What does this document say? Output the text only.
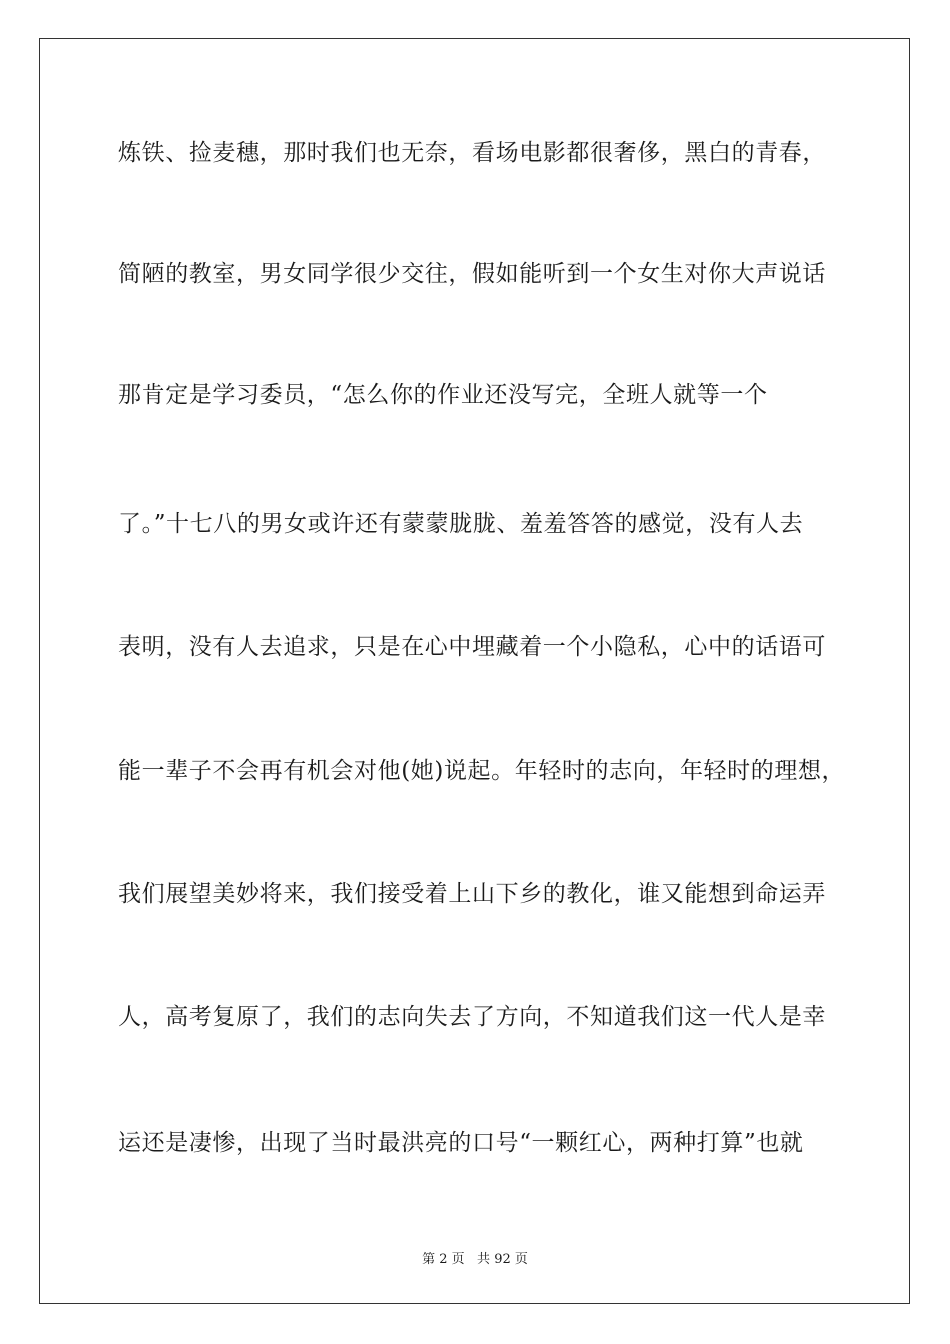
炼铁、捡麦穗，那时我们也无奈，看场电影都很奢侈，黑白的青春，
简陋的教室，男女同学很少交往，假如能听到一个女生对你大声说话
那肯定是学习委员，“怎么你的作业还没写完，全班人就等一个
了。”十七八的男女或许还有蒙蒙胧胧、羞羞答答的感觉，没有人去
表明，没有人去追求，只是在心中埋藏着一个小隐私，心中的话语可
能一辈子不会再有机会对他(她)说起。年轻时的志向，年轻时的理想，
我们展望美妙将来，我们接受着上山下乡的教化，谁又能想到命运弄
人，高考复原了，我们的志向失去了方向，不知道我们这一代人是幸
运还是凄惨，出现了当时最洪亮的口号“一颗红心，两种打算”也就
第 2 页   共 92 页
